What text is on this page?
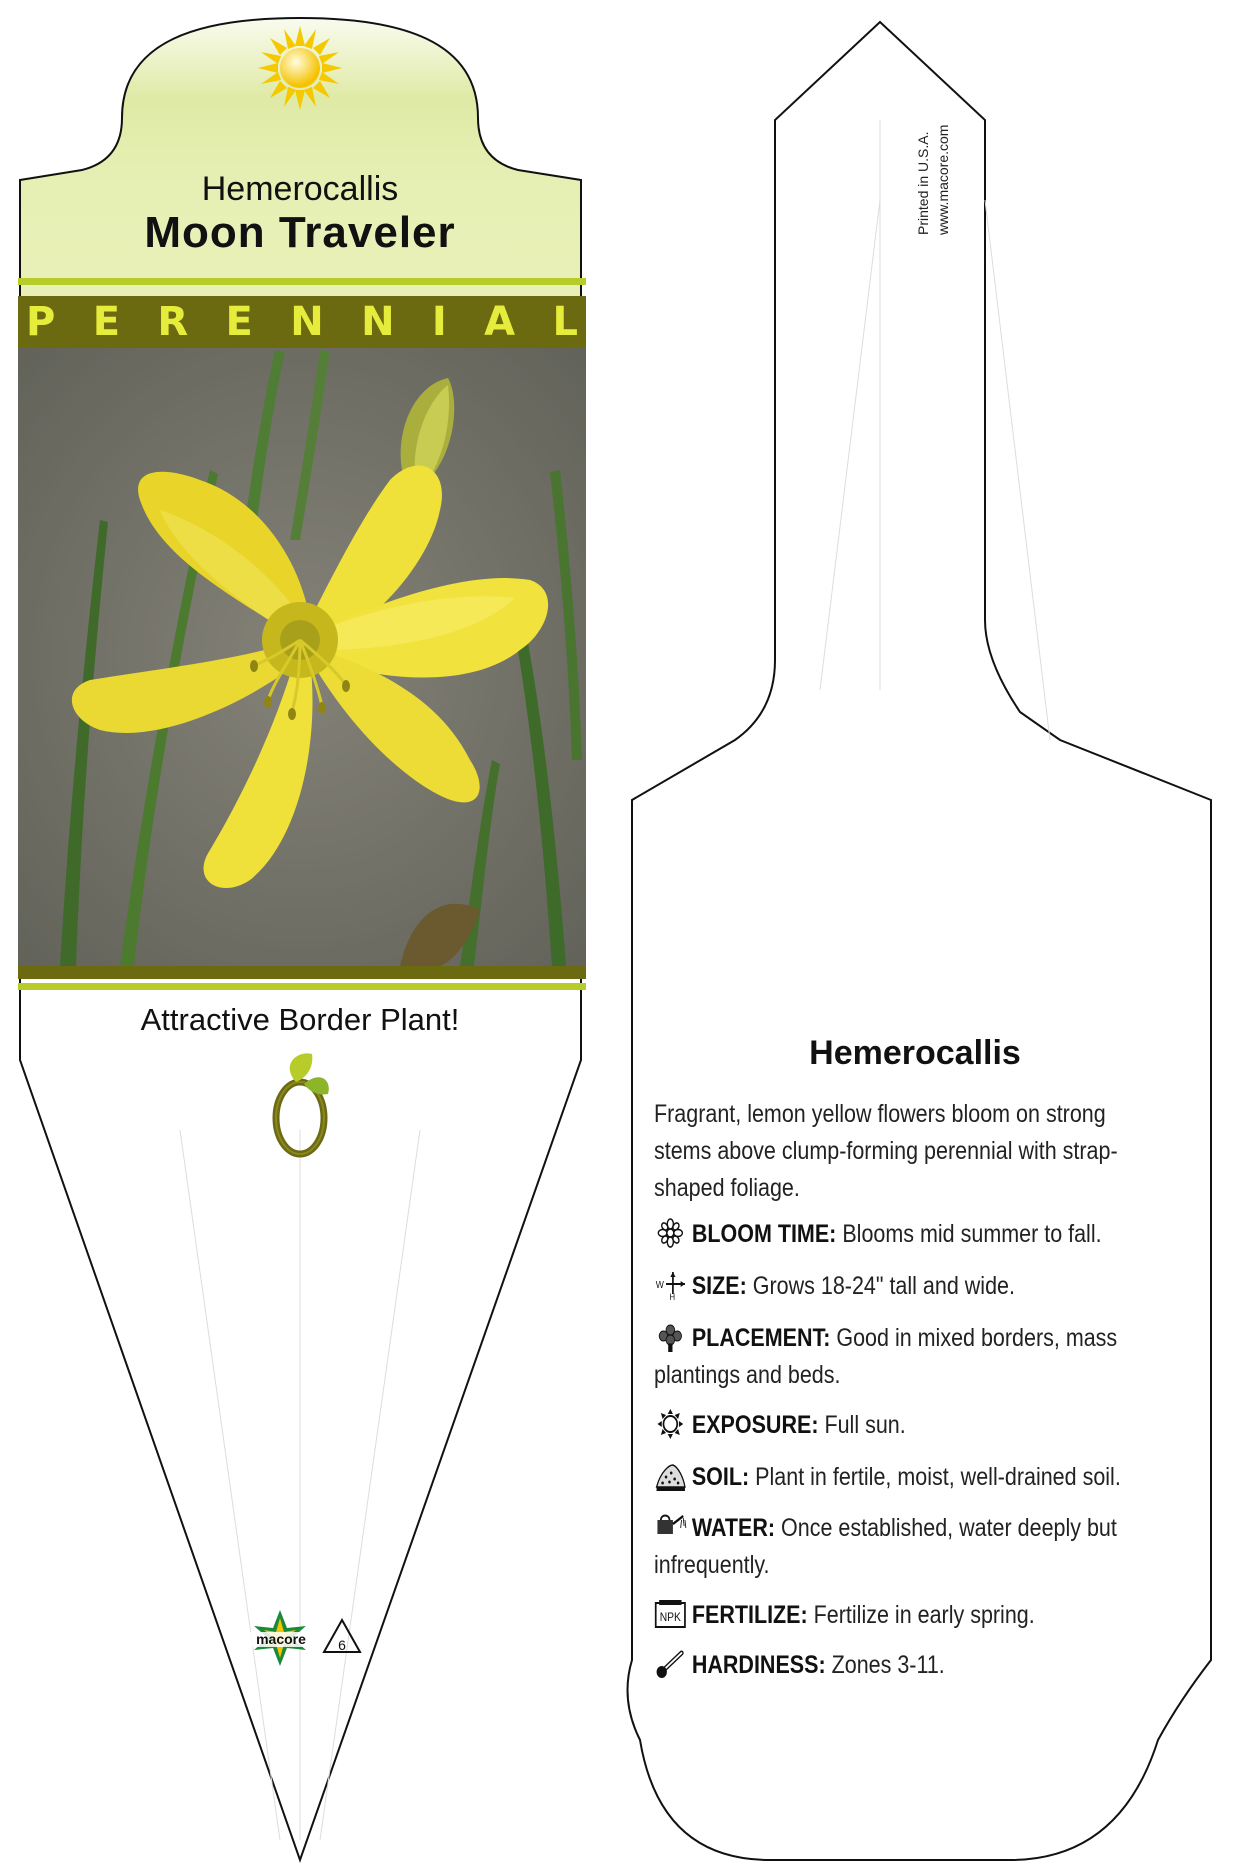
Hemerocallis
Moon Traveler
P E R E N N I A L
Attractive Border Plant!
macore 6
Printed in U.S.A. www.macore.com
Hemerocallis
Fragrant, lemon yellow flowers bloom on strong stems above clump-forming perennial with strap-shaped foliage.
BLOOM TIME: Blooms mid summer to fall.
W
H SIZE: Grows 18-24" tall and wide.
PLACEMENT: Good in mixed borders, mass plantings and beds.
EXPOSURE: Full sun.
SOIL: Plant in fertile, moist, well-drained soil.
WATER: Once established, water deeply but infrequently.
NPK FERTILIZE: Fertilize in early spring.
HARDINESS: Zones 3-11.
